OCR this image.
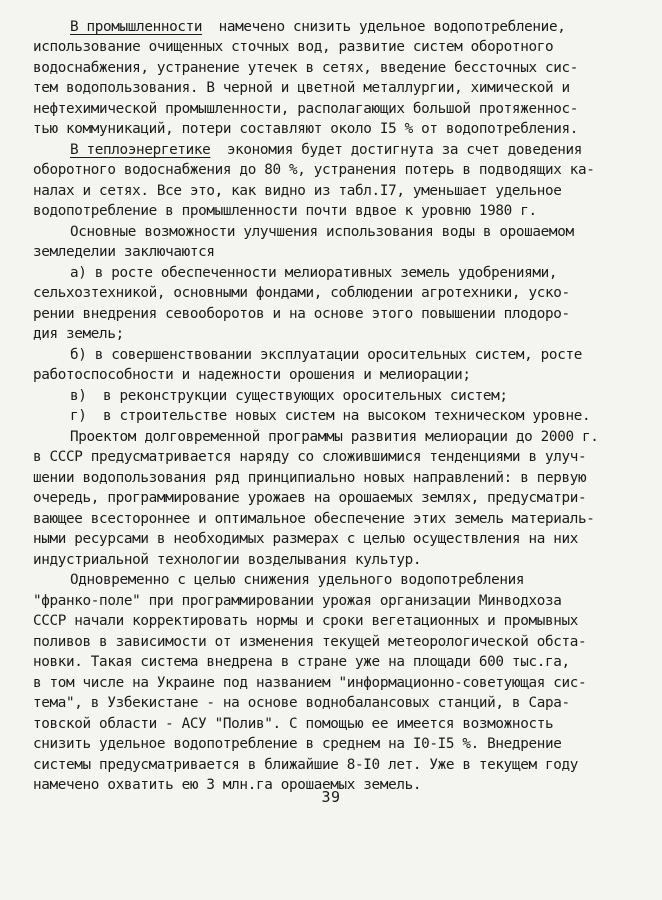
В промышленности  намечено снизить удельное водопотребление,
использование очищенных сточных вод, развитие систем оборотного
водоснабжения, устранение утечек в сетях, введение бессточных сис-
тем водопользования. В черной и цветной металлургии, химической и
нефтехимической промышленности, располагающих большой протяженнос-
тью коммуникаций, потери составляют около I5 % от водопотребления.
В теплоэнергетике  экономия будет достигнута за счет доведения
оборотного водоснабжения до 80 %, устранения потерь в подводящих ка-
налах и сетях. Все это, как видно из табл.I7, уменьшает удельное
водопотребление в промышленности почти вдвое к уровню 1980 г.
Основные возможности улучшения использования воды в орошаемом
земледелии заключаются
а) в росте обеспеченности мелиоративных земель удобрениями,
сельхозтехникой, основными фондами, соблюдении агротехники, уско-
рении внедрения севооборотов и на основе этого повышении плодоро-
дия земель;
б) в совершенствовании эксплуатации оросительных систем, росте
работоспособности и надежности орошения и мелиорации;
в)  в реконструкции существующих оросительных систем;
г)  в строительстве новых систем на высоком техническом уровне.
Проектом долговременной программы развития мелиорации до 2000 г.
в СССР предусматривается наряду со сложившимися тенденциями в улуч-
шении водопользования ряд принципиально новых направлений: в первую
очередь, программирование урожаев на орошаемых землях, предусматри-
вающее всестороннее и оптимальное обеспечение этих земель материаль-
ными ресурсами в необходимых размерах с целью осуществления на них
индустриальной технологии возделывания культур.
Одновременно с целью снижения удельного водопотребления
"франко-поле" при программировании урожая организации Минводхоза
СССР начали корректировать нормы и сроки вегетационных и промывных
поливов в зависимости от изменения текущей метеорологической обста-
новки. Такая система внедрена в стране уже на площади 600 тыс.га,
в том числе на Украине под названием "информационно-советующая сис-
тема", в Узбекистане - на основе воднобалансовых станций, в Сара-
товской области - АСУ "Полив". С помощью ее имеется возможность
снизить удельное водопотребление в среднем на I0-I5 %. Внедрение
системы предусматривается в ближайшие 8-I0 лет. Уже в текущем году
намечено охватить ею 3 млн.га орошаемых земель.
39
